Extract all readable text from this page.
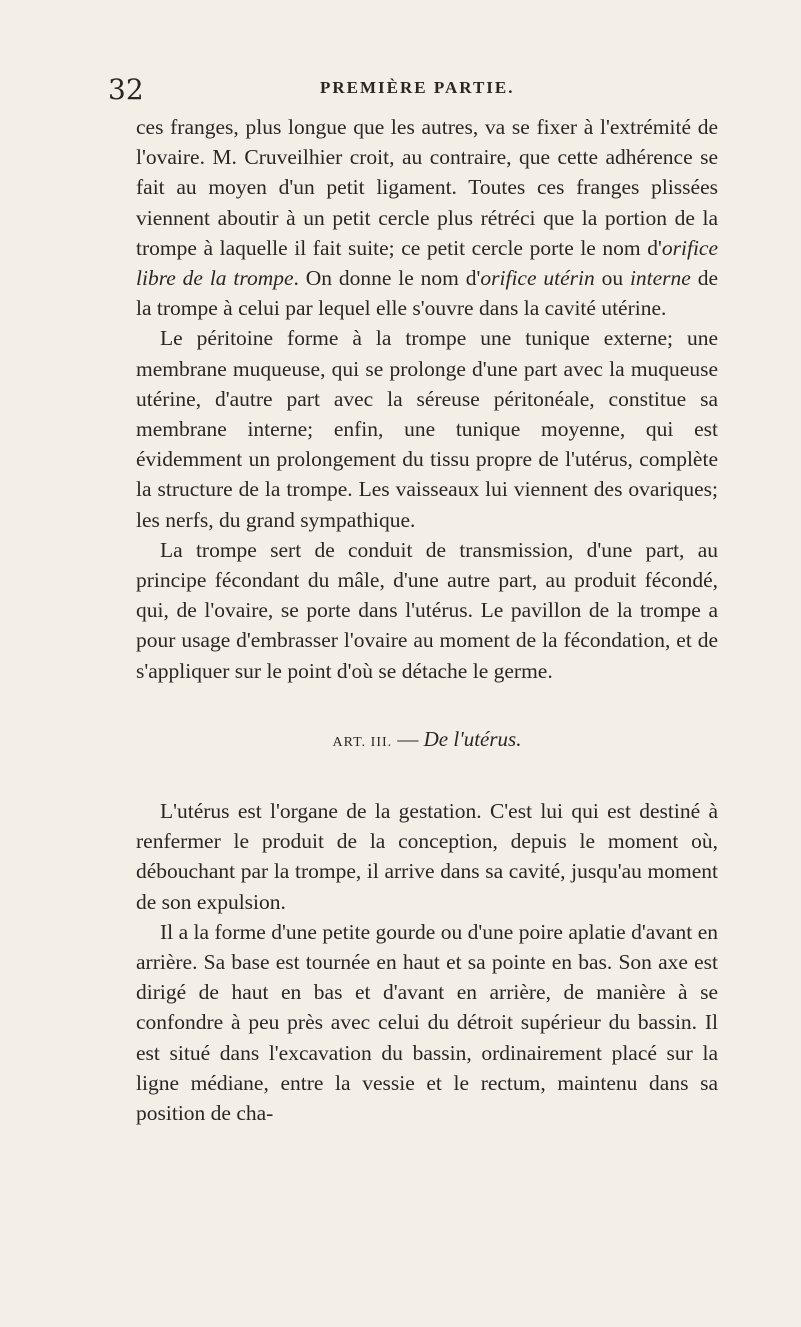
32	PREMIÈRE PARTIE.

ces franges, plus longue que les autres, va se fixer à l'extrémité de l'ovaire. M. Cruveilhier croit, au contraire, que cette adhérence se fait au moyen d'un petit ligament. Toutes ces franges plissées viennent aboutir à un petit cercle plus rétréci que la portion de la trompe à laquelle il fait suite; ce petit cercle porte le nom d'orifice libre de la trompe. On donne le nom d'orifice utérin ou interne de la trompe à celui par lequel elle s'ouvre dans la cavité utérine.

Le péritoine forme à la trompe une tunique externe; une membrane muqueuse, qui se prolonge d'une part avec la muqueuse utérine, d'autre part avec la séreuse péritonéale, constitue sa membrane interne; enfin, une tunique moyenne, qui est évidemment un prolongement du tissu propre de l'utérus, complète la structure de la trompe. Les vaisseaux lui viennent des ovariques; les nerfs, du grand sympathique.

La trompe sert de conduit de transmission, d'une part, au principe fécondant du mâle, d'une autre part, au produit fécondé, qui, de l'ovaire, se porte dans l'utérus. Le pavillon de la trompe a pour usage d'embrasser l'ovaire au moment de la fécondation, et de s'appliquer sur le point d'où se détache le germe.

ART. III. — De l'utérus.

L'utérus est l'organe de la gestation. C'est lui qui est destiné à renfermer le produit de la conception, depuis le moment où, débouchant par la trompe, il arrive dans sa cavité, jusqu'au moment de son expulsion.

Il a la forme d'une petite gourde ou d'une poire aplatie d'avant en arrière. Sa base est tournée en haut et sa pointe en bas. Son axe est dirigé de haut en bas et d'avant en arrière, de manière à se confondre à peu près avec celui du détroit supérieur du bassin. Il est situé dans l'excavation du bassin, ordinairement placé sur la ligne médiane, entre la vessie et le rectum, maintenu dans sa position de cha-
